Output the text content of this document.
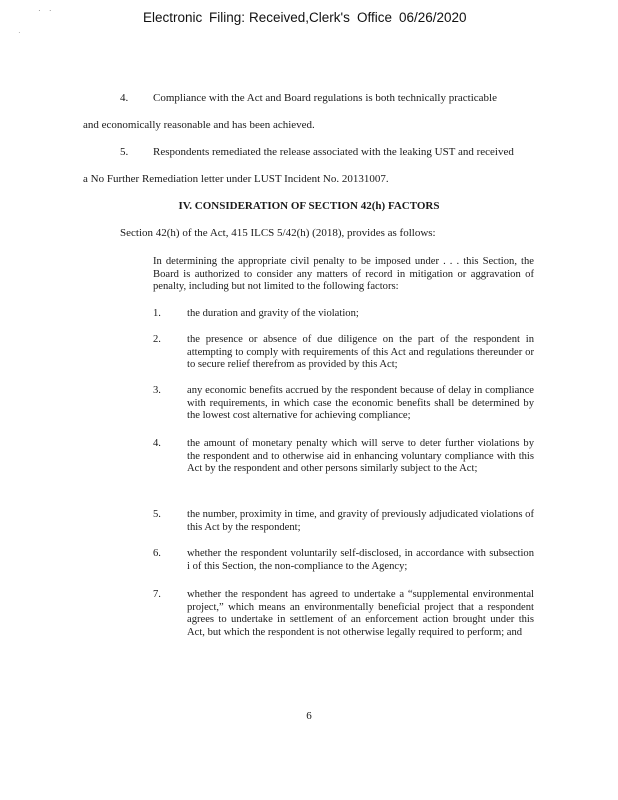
· ·
·
Electronic Filing: Received,Clerk's Office 06/26/2020
4. Compliance with the Act and Board regulations is both technically practicable
and economically reasonable and has been achieved.
5. Respondents remediated the release associated with the leaking UST and received
a No Further Remediation letter under LUST Incident No. 20131007.
IV. CONSIDERATION OF SECTION 42(h) FACTORS
Section 42(h) of the Act, 415 ILCS 5/42(h) (2018), provides as follows:
In determining the appropriate civil penalty to be imposed under . . . this Section, the Board is authorized to consider any matters of record in mitigation or aggravation of penalty, including but not limited to the following factors:
1. the duration and gravity of the violation;
2. the presence or absence of due diligence on the part of the respondent in attempting to comply with requirements of this Act and regulations thereunder or to secure relief therefrom as provided by this Act;
3. any economic benefits accrued by the respondent because of delay in compliance with requirements, in which case the economic benefits shall be determined by the lowest cost alternative for achieving compliance;
4. the amount of monetary penalty which will serve to deter further violations by the respondent and to otherwise aid in enhancing voluntary compliance with this Act by the respondent and other persons similarly subject to the Act;
5. the number, proximity in time, and gravity of previously adjudicated violations of this Act by the respondent;
6. whether the respondent voluntarily self-disclosed, in accordance with subsection i of this Section, the non-compliance to the Agency;
7. whether the respondent has agreed to undertake a “supplemental environmental project,” which means an environmentally beneficial project that a respondent agrees to undertake in settlement of an enforcement action brought under this Act, but which the respondent is not otherwise legally required to perform; and
6
